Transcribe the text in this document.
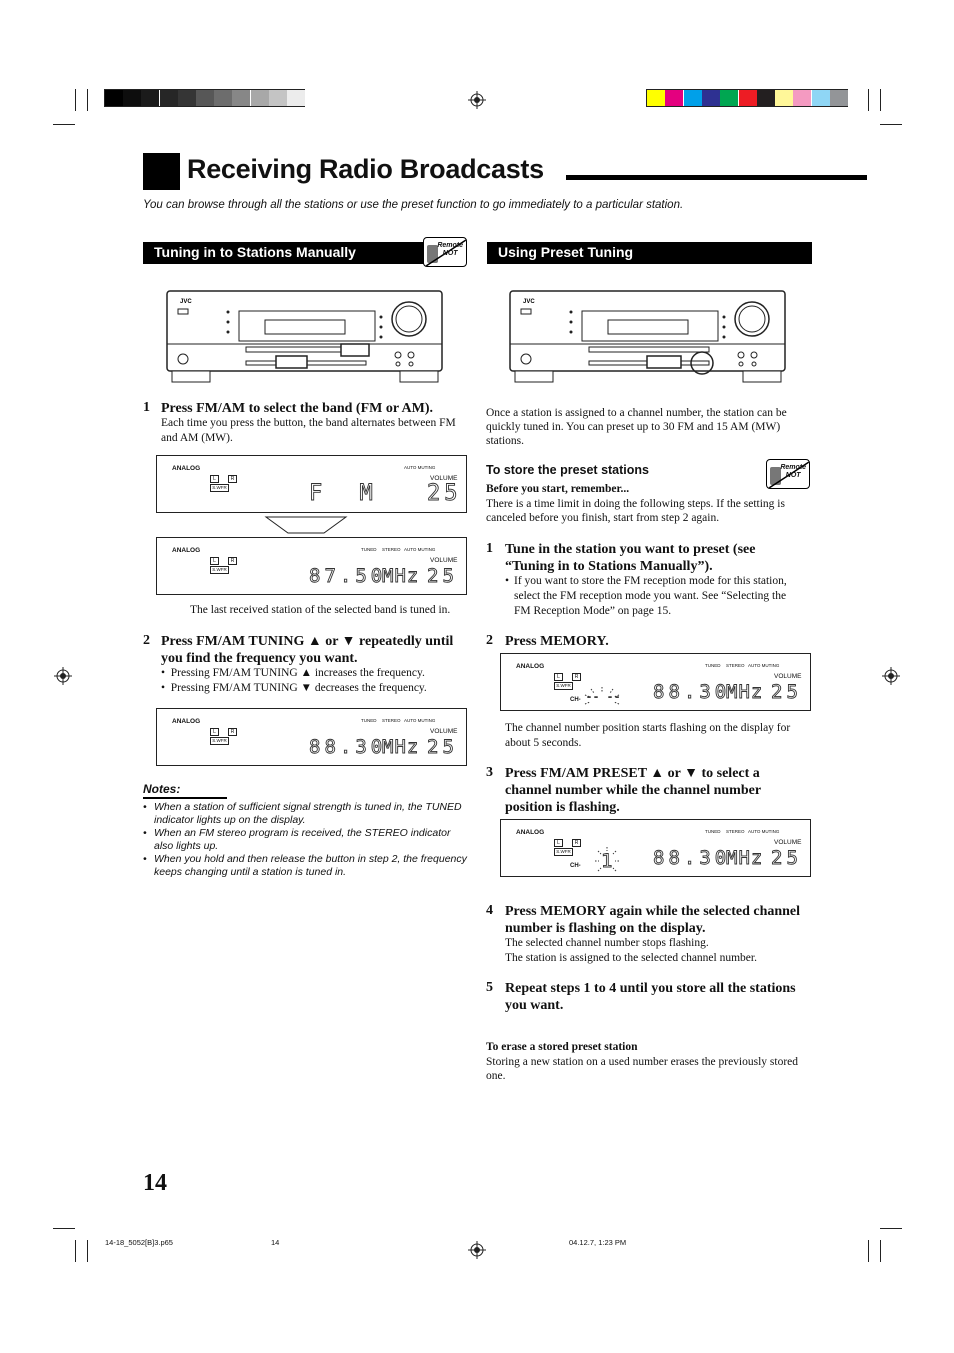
Receiving Radio Broadcasts
You can browse through all the stations or use the preset function to go immediately to a particular station.
Tuning in to Stations Manually	Remote
NOT	Using Preset Tuning
JVC	JVC
1 Press FM/AM to select the band (FM or AM).
Each time you press the button, the band alternates between FM and AM (MW).
ANALOG	AUTO MUTING
VOLUME
L	R
S.WFR	F M 25
ANALOG	TUNED STEREO AUTO MUTING
VOLUME
L	R
S.WFR	87.50
MHz 25
The last received station of the selected band is tuned in.
2 Press FM/AM TUNING ▲ or ▼ repeatedly until
you find the frequency you want.
•  Pressing FM/AM TUNING ▲ increases the frequency.
•  Pressing FM/AM TUNING ▼ decreases the frequency.
ANALOG	TUNED STEREO AUTO MUTING
VOLUME
L	R
S.WFR	88.30
MHz 25
Notes:
• When a station of sufficient signal strength is tuned in, the TUNED indicator lights up on the display.
• When an FM stereo program is received, the STEREO indicator also lights up.
• When you hold and then release the button in step 2, the frequency keeps changing until a station is tuned in.
Once a station is assigned to a channel number, the station can be quickly tuned in. You can preset up to 30 FM and 15 AM (MW) stations.
To store the preset stations	Remote
NOT
Before you start, remember...
There is a time limit in doing the following steps. If the setting is canceled before you finish, start from step 2 again.
1 Tune in the station you want to preset (see “Tuning in to Stations Manually”).
• If you want to store the FM reception mode for this station, select the FM reception mode you want. See “Selecting the FM Reception Mode” on page 15.
2 Press MEMORY.
ANALOG	TUNED STEREO AUTO MUTING
VOLUME
L	R
S.WFR
CH- -- -- 88.30
MHz 25
The channel number position starts flashing on the display for about 5 seconds.
3 Press FM/AM PRESET ▲ or ▼ to select a channel number while the channel number position is flashing.
ANALOG	TUNED STEREO AUTO MUTING
VOLUME
L	R
S.WFR
CH- 1 88.30
MHz 25
4 Press MEMORY again while the selected channel number is flashing on the display.
The selected channel number stops flashing.
The station is assigned to the selected channel number.
5 Repeat steps 1 to 4 until you store all the stations you want.
To erase a stored preset station
Storing a new station on a used number erases the previously stored one.
14
14-18_5052[B]3.p65	14	04.12.7, 1:23 PM
